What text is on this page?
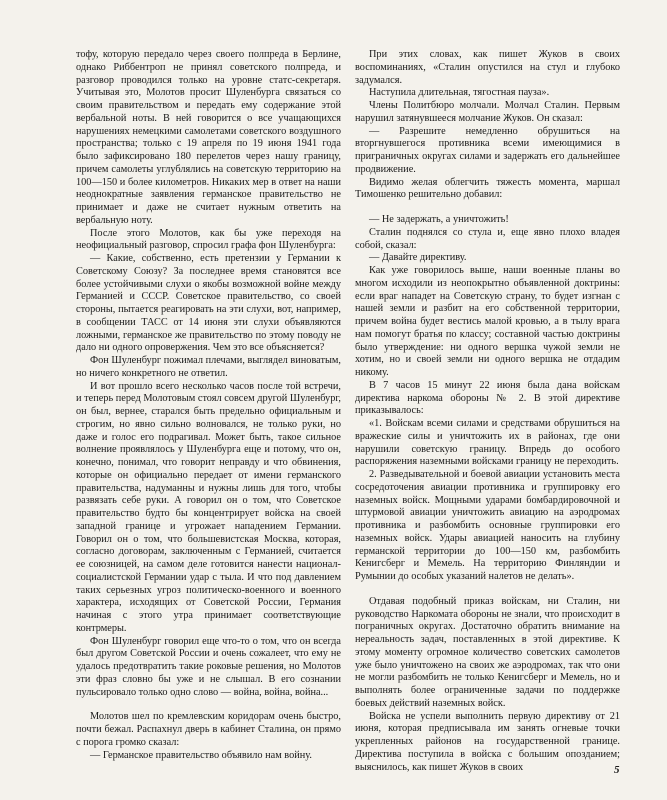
тофу, которую передало через своего полпреда в Берлине, однако Риббентроп не принял советского полпреда, и разговор проводился только на уровне статс-секретаря. Учитывая это, Молотов просит Шуленбурга связаться со своим правительством и передать ему содержание этой вербальной ноты. В ней говорится о все учащающихся нарушениях немецкими самолетами советского воздушного пространства; только с 19 апреля по 19 июня 1941 года было зафиксировано 180 перелетов через нашу границу, причем самолеты углублялись на советскую территорию на 100—150 и более километров. Никаких мер в ответ на наши неоднократные заявления германское правительство не принимает и даже не считает нужным ответить на вербальную ноту.

После этого Молотов, как бы уже переходя на неофициальный разговор, спросил графа фон Шуленбурга:

— Какие, собственно, есть претензии у Германии к Советскому Союзу? За последнее время становятся все более устойчивыми слухи о якобы возможной войне между Германией и СССР. Советское правительство, со своей стороны, пытается реагировать на эти слухи, вот, например, в сообщении ТАСС от 14 июня эти слухи объявляются ложными, германское же правительство по этому поводу не дало ни одного опровержения. Чем это все объясняется?

Фон Шуленбург пожимал плечами, выглядел виноватым, но ничего конкретного не ответил.

И вот прошло всего несколько часов после той встречи, и теперь перед Молотовым стоял совсем другой Шуленбург, он был, вернее, старался быть предельно официальным и строгим, но явно сильно волновался, не только руки, но даже и голос его подрагивал. Может быть, такое сильное волнение проявлялось у Шуленбурга еще и потому, что он, конечно, понимал, что говорит неправду и что обвинения, которые он официально передает от имени германского правительства, надуманны и нужны лишь для того, чтобы развязать себе руки. А говорил он о том, что Советское правительство будто бы концентрирует войска на своей западной границе и угрожает нападением Германии. Говорил он о том, что большевистская Москва, которая, согласно договорам, заключенным с Германией, считается ее союзницей, на самом деле готовится нанести национал-социалистской Германии удар с тыла. И что под давлением таких серьезных угроз политическо-военного и военного характера, исходящих от Советской России, Германия начиная с этого утра принимает соответствующие контрмеры.

Фон Шуленбург говорил еще что-то о том, что он всегда был другом Советской России и очень сожалеет, что ему не удалось предотвратить такие роковые решения, но Молотов эти фраз словно бы уже и не слышал. В его сознании пульсировало только одно слово — война, война, война...

Молотов шел по кремлевским коридорам очень быстро, почти бежал. Распахнул дверь в кабинет Сталина, он прямо с порога громко сказал:

— Германское правительство объявило нам войну.

При этих словах, как пишет Жуков в своих воспоминаниях, «Сталин опустился на стул и глубоко задумался.

Наступила длительная, тягостная пауза».

Члены Политбюро молчали. Молчал Сталин. Первым нарушил затянувшееся молчание Жуков. Он сказал:

— Разрешите немедленно обрушиться на вторгнувшегося противника всеми имеющимися в приграничных округах силами и задержать его дальнейшее продвижение.

Видимо желая облегчить тяжесть момента, маршал Тимошенко решительно добавил:

— Не задержать, а уничтожить!

Сталин поднялся со стула и, еще явно плохо владея собой, сказал:

— Давайте директиву.

Как уже говорилось выше, наши военные планы во многом исходили из неопокрытно объявленной доктрины: если враг нападет на Советскую страну, то будет изгнан с нашей земли и разбит на его собственной территории, причем война будет вестись малой кровью, а в тылу врага нам помогут братья по классу; составной частью доктрины было утверждение: ни одного вершка чужой земли не хотим, но и своей земли ни одного вершка не отдадим никому.

В 7 часов 15 минут 22 июня была дана войскам директива наркома обороны № 2. В этой директиве приказывалось:

«1. Войскам всеми силами и средствами обрушиться на вражеские силы и уничтожить их в районах, где они нарушили советскую границу. Впредь до особого распоряжения наземными войсками границу не переходить.

2. Разведывательной и боевой авиации установить места сосредоточения авиации противника и группировку его наземных войск. Мощными ударами бомбардировочной и штурмовой авиации уничтожить авиацию на аэродромах противника и разбомбить основные группировки его наземных войск. Удары авиацией наносить на глубину германской территории до 100—150 км, разбомбить Кенигсберг и Мемель. На территорию Финляндии и Румынии до особых указаний налетов не делать».

Отдавая подобный приказ войскам, ни Сталин, ни руководство Наркомата обороны не знали, что происходит в пограничных округах. Достаточно обратить внимание на нереальность задач, поставленных в этой директиве. К этому моменту огромное количество советских самолетов уже было уничтожено на своих же аэродромах, так что они не могли разбомбить не только Кенигсберг и Мемель, но и выполнять более ограниченные задачи по поддержке боевых действий наземных войск.

Войска не успели выполнить первую директиву от 21 июня, которая предписывала им занять огневые точки укрепленных районов на государственной границе. Директива поступила в войска с большим опозданием; выяснилось, как пишет Жуков в своих	5
